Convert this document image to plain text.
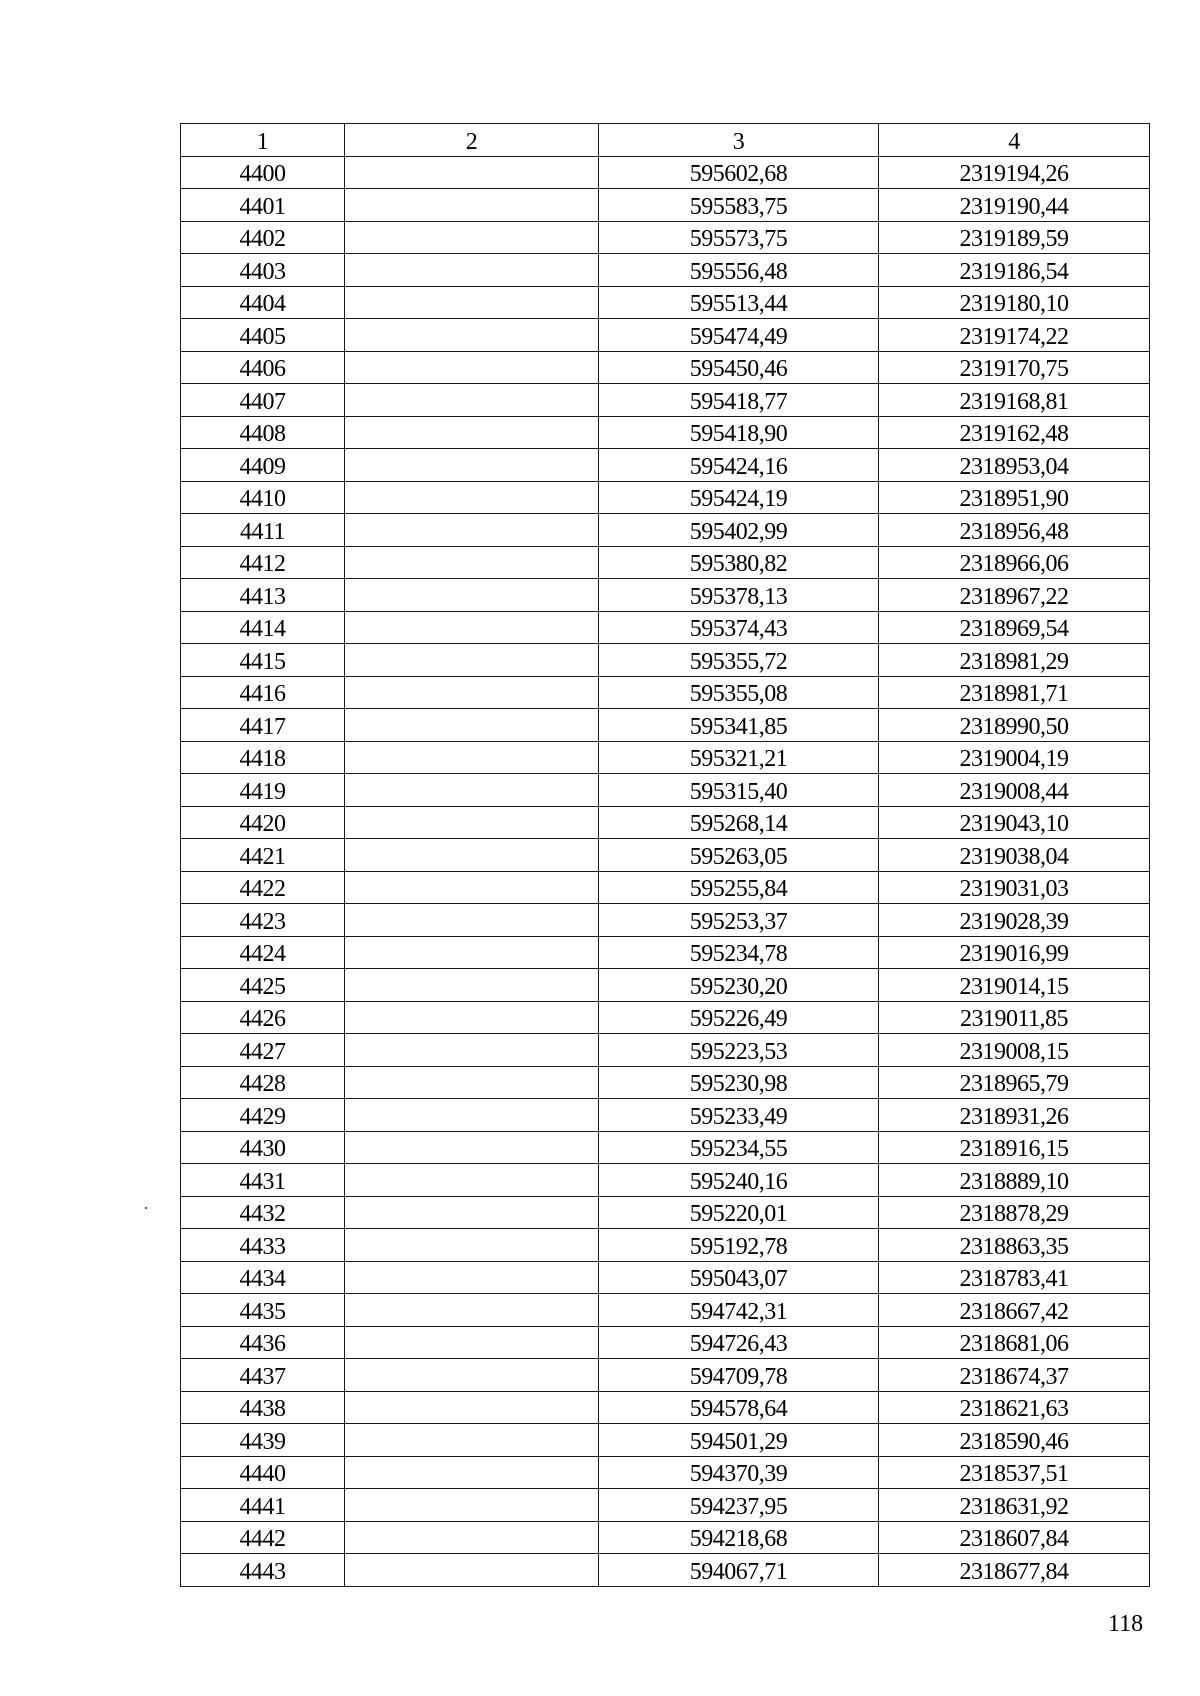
1	2	3	4
4400		595602,68	2319194,26
4401		595583,75	2319190,44
4402		595573,75	2319189,59
4403		595556,48	2319186,54
4404		595513,44	2319180,10
4405		595474,49	2319174,22
4406		595450,46	2319170,75
4407		595418,77	2319168,81
4408		595418,90	2319162,48
4409		595424,16	2318953,04
4410		595424,19	2318951,90
4411		595402,99	2318956,48
4412		595380,82	2318966,06
4413		595378,13	2318967,22
4414		595374,43	2318969,54
4415		595355,72	2318981,29
4416		595355,08	2318981,71
4417		595341,85	2318990,50
4418		595321,21	2319004,19
4419		595315,40	2319008,44
4420		595268,14	2319043,10
4421		595263,05	2319038,04
4422		595255,84	2319031,03
4423		595253,37	2319028,39
4424		595234,78	2319016,99
4425		595230,20	2319014,15
4426		595226,49	2319011,85
4427		595223,53	2319008,15
4428		595230,98	2318965,79
4429		595233,49	2318931,26
4430		595234,55	2318916,15
4431		595240,16	2318889,10
4432		595220,01	2318878,29
4433		595192,78	2318863,35
4434		595043,07	2318783,41
4435		594742,31	2318667,42
4436		594726,43	2318681,06
4437		594709,78	2318674,37
4438		594578,64	2318621,63
4439		594501,29	2318590,46
4440		594370,39	2318537,51
4441		594237,95	2318631,92
4442		594218,68	2318607,84
4443		594067,71	2318677,84
118
